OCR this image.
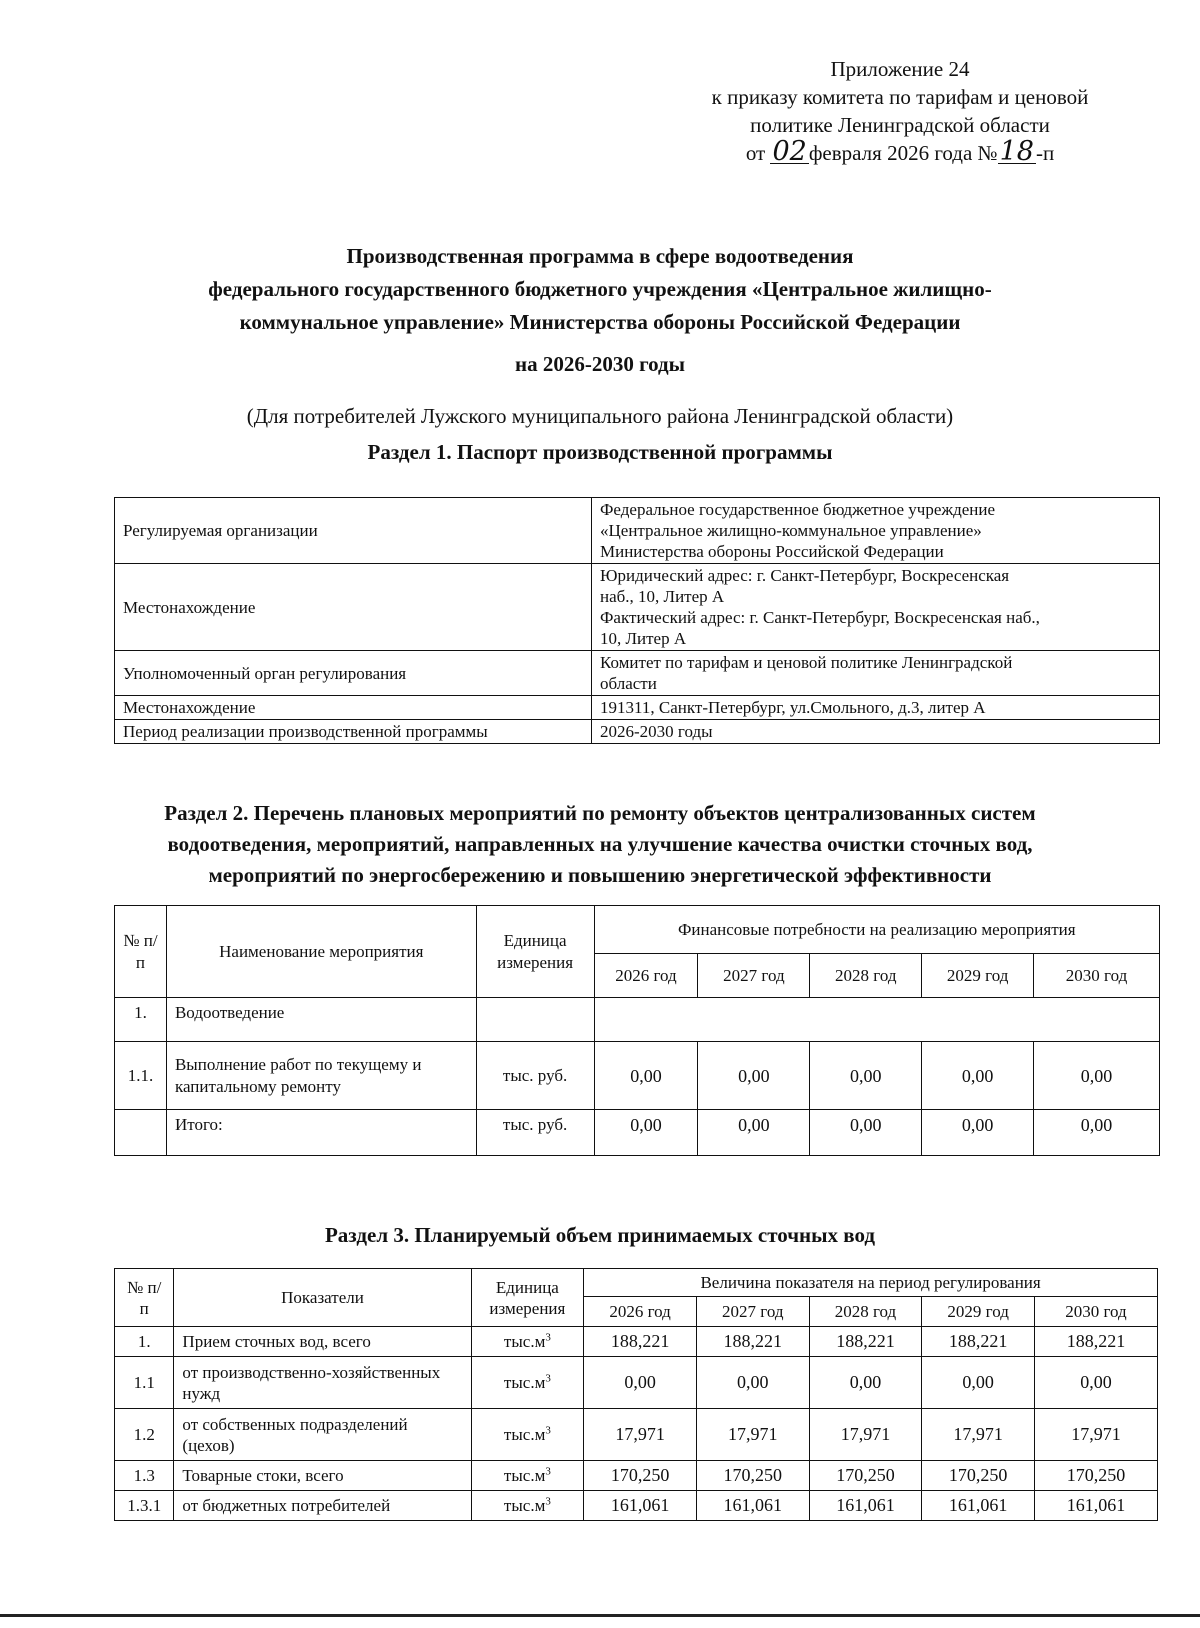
Приложение 24
к приказу комитета по тарифам и ценовой
политике Ленинградской области
от 02февраля 2026 года №18-п
Производственная программа в сфере водоотведения
федерального государственного бюджетного учреждения «Центральное жилищно-
коммунальное управление» Министерства обороны Российской Федерации
на 2026-2030 годы
(Для потребителей Лужского муниципального района Ленинградской области)
Раздел 1. Паспорт производственной программы
Регулируемая организации	Федеральное государственное бюджетное учреждение
«Центральное жилищно-коммунальное управление»
Министерства обороны Российской Федерации

Местонахождение	Юридический адрес: г. Санкт-Петербург, Воскресенская
наб., 10, Литер А
Фактический адрес: г. Санкт-Петербург, Воскресенская наб.,
10, Литер А

Уполномоченный орган регулирования	Комитет по тарифам и ценовой политике Ленинградской
области

Местонахождение	191311, Санкт-Петербург, ул.Смольного, д.3, литер А
Период реализации производственной программы	2026-2030 годы
Раздел 2. Перечень плановых мероприятий по ремонту объектов централизованных систем
водоотведения, мероприятий, направленных на улучшение качества очистки сточных вод,
мероприятий по энергосбережению и повышению энергетической эффективности
№ п/п	Наименование мероприятия	Единица измерения	Финансовые потребности на реализацию мероприятия				
			2026 год	2027 год	2028 год	2029 год	2030 год
1.	Водоотведение						
1.1.	Выполнение работ по текущему и капитальному ремонту	тыс. руб.	0,00	0,00	0,00	0,00	0,00
	Итого:	тыс. руб.	0,00	0,00	0,00	0,00	0,00
Раздел 3. Планируемый объем принимаемых сточных вод
№ п/п	Показатели	Единица измерения	Величина показателя на период регулирования				
			2026 год	2027 год	2028 год	2029 год	2030 год
1.	Прием сточных вод, всего	$тыс.м^3$	188,221	188,221	188,221	188,221	188,221
1.1	от производственно-хозяйственных нужд	$тыс.м^3$	0,00	0,00	0,00	0,00	0,00
1.2	от собственных подразделений (цехов)	$тыс.м^3$	17,971	17,971	17,971	17,971	17,971
1.3	Товарные стоки, всего	$тыс.м^3$	170,250	170,250	170,250	170,250	170,250
1.3.1	от бюджетных потребителей	$тыс.м^3$	161,061	161,061	161,061	161,061	161,061
